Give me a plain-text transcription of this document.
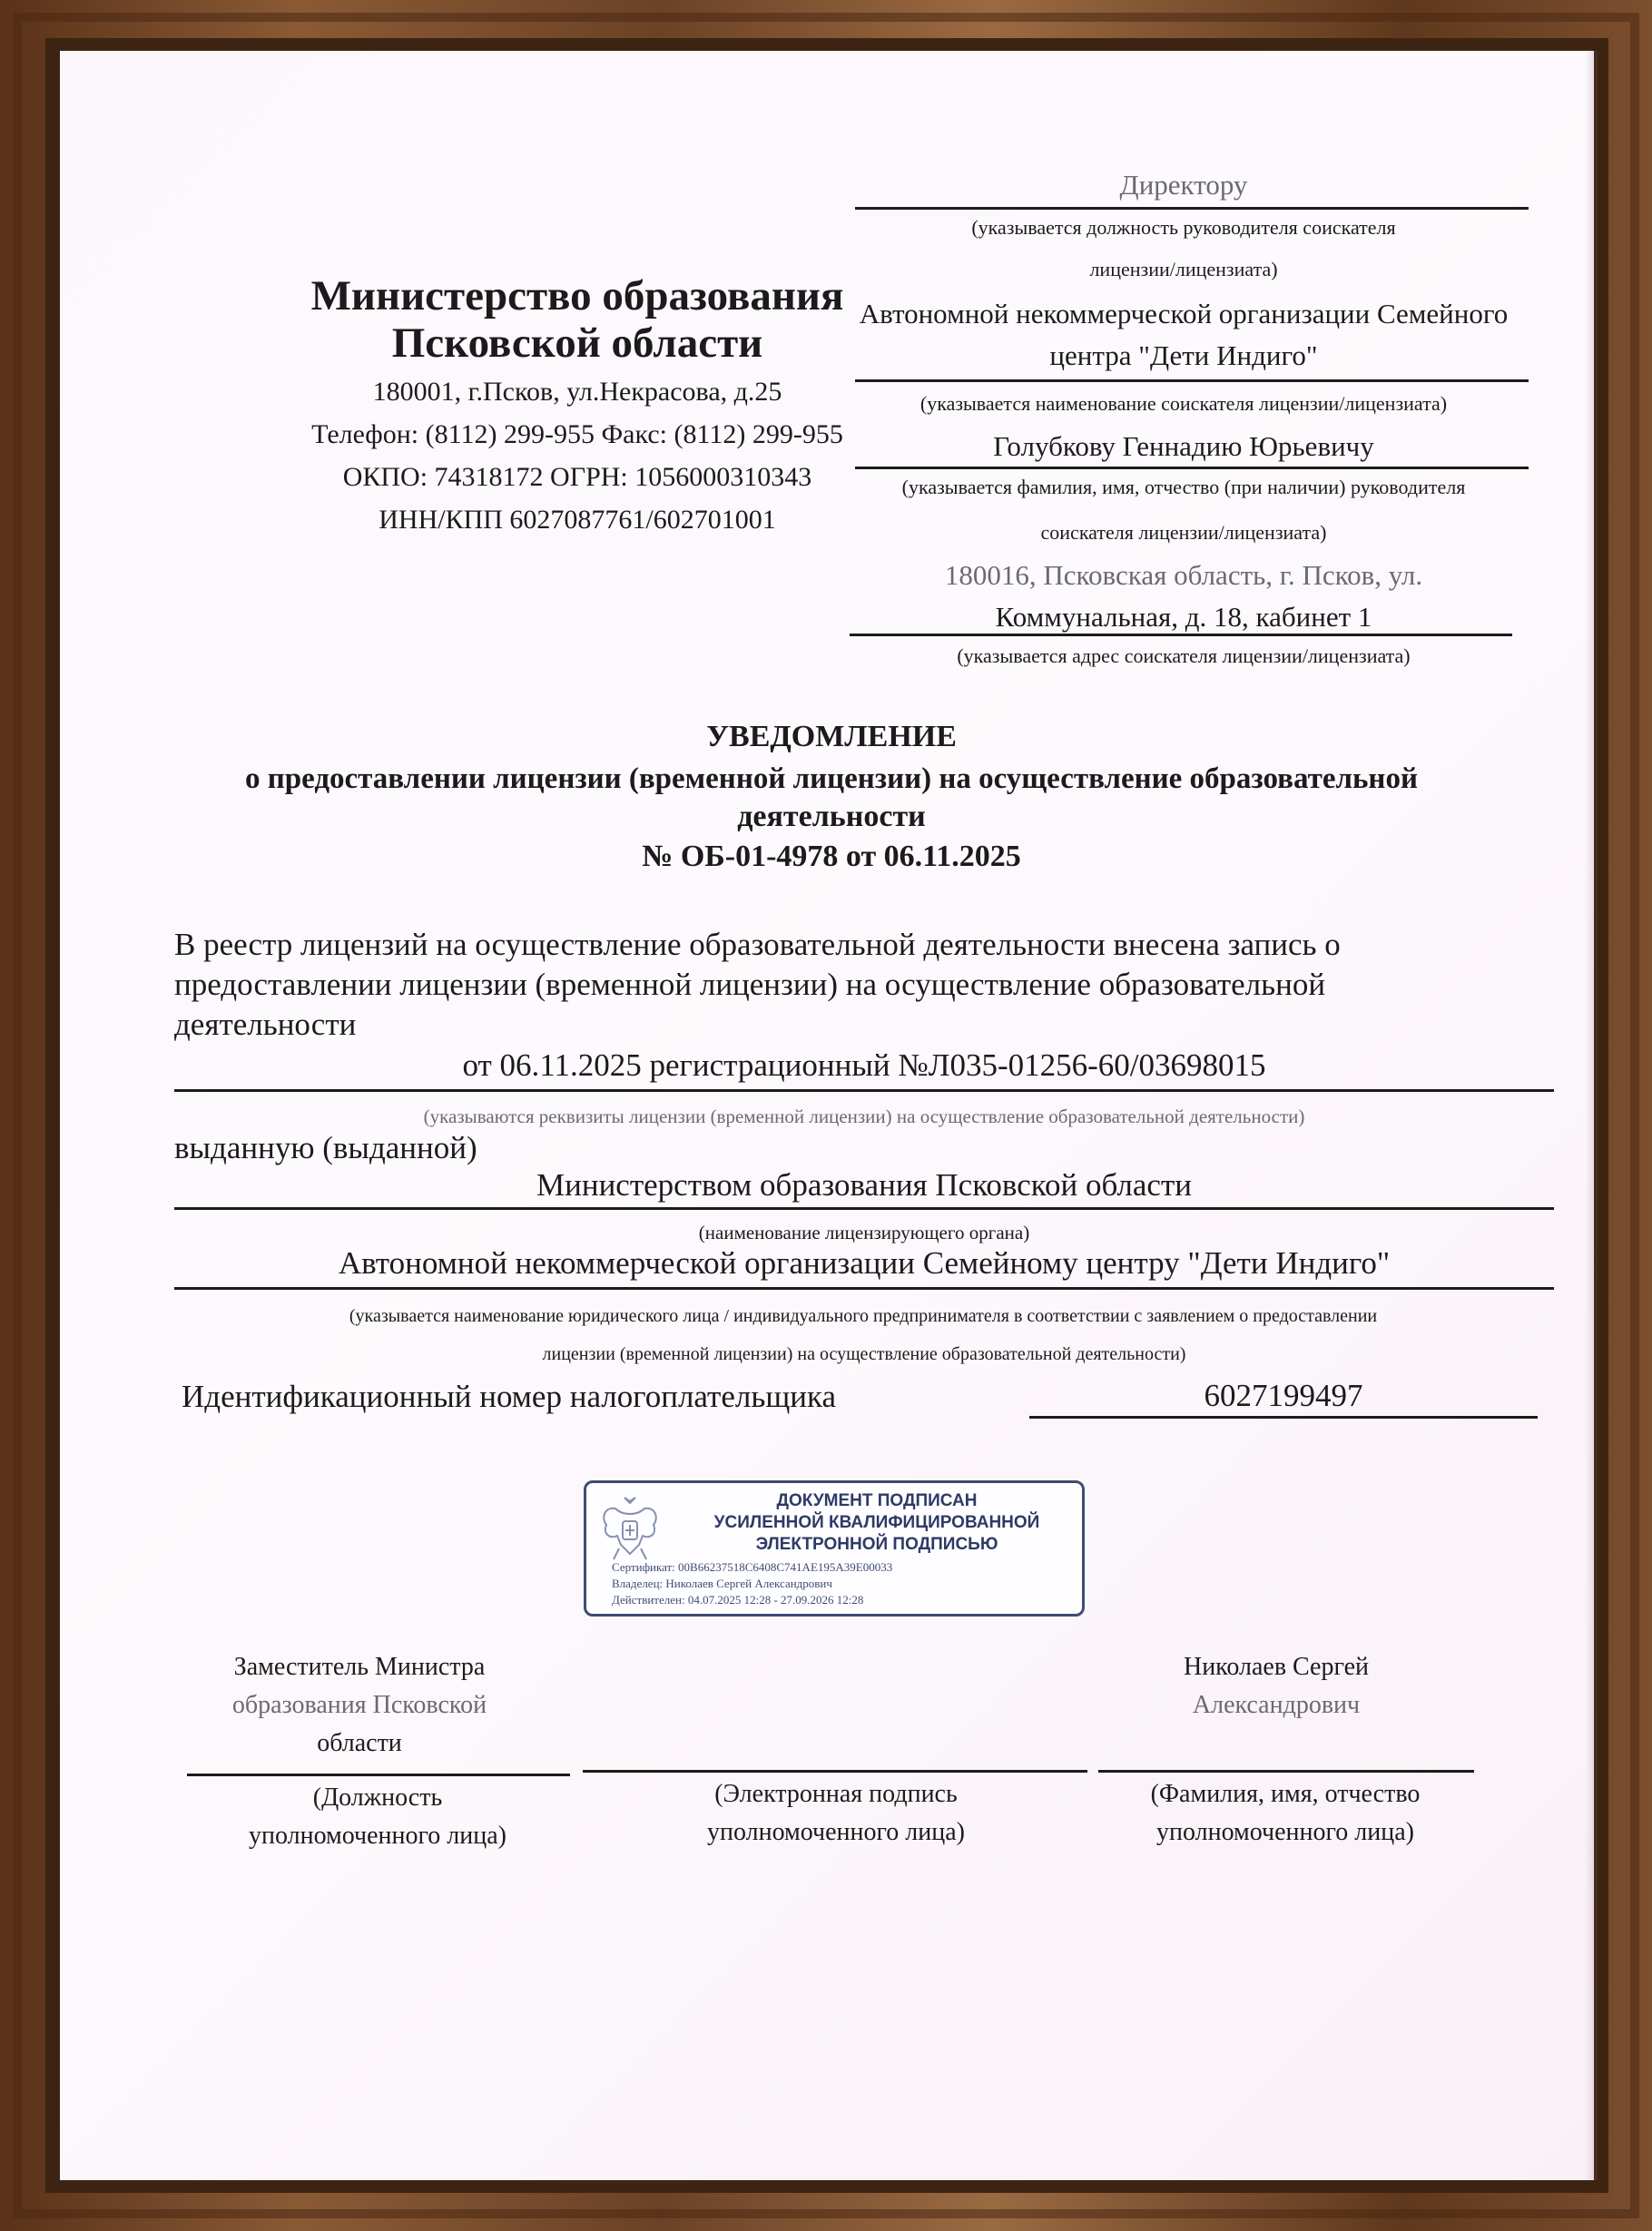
Министерство образования
Псковской области
180001, г.Псков, ул.Некрасова, д.25
Телефон: (8112) 299-955 Факс: (8112) 299-955
ОКПО: 74318172 ОГРН: 1056000310343
ИНН/КПП 6027087761/602701001
Директору
(указывается должность руководителя соискателя
лицензии/лицензиата)
Автономной некоммерческой организации Семейного
центра "Дети Индиго"
(указывается наименование соискателя лицензии/лицензиата)
Голубкову Геннадию Юрьевичу
(указывается фамилия, имя, отчество (при наличии) руководителя
соискателя лицензии/лицензиата)
180016, Псковская область, г. Псков, ул.
Коммунальная, д. 18, кабинет 1
(указывается адрес соискателя лицензии/лицензиата)
УВЕДОМЛЕНИЕ
о предоставлении лицензии (временной лицензии) на осуществление образовательной
деятельности
№ ОБ-01-4978 от 06.11.2025
В реестр лицензий на осуществление образовательной деятельности внесена запись о
предоставлении лицензии (временной лицензии) на осуществление образовательной
деятельности
от 06.11.2025 регистрационный №Л035-01256-60/03698015
(указываются реквизиты лицензии (временной лицензии) на осуществление образовательной деятельности)
выданную (выданной)
Министерством образования Псковской области
(наименование лицензирующего органа)
Автономной некоммерческой организации Семейному центру "Дети Индиго"
(указывается наименование юридического лица / индивидуального предпринимателя в соответствии с заявлением о предоставлении
лицензии (временной лицензии) на осуществление образовательной деятельности)
Идентификационный номер налогоплательщика	6027199497
ДОКУМЕНТ ПОДПИСАН
УСИЛЕННОЙ КВАЛИФИЦИРОВАННОЙ
ЭЛЕКТРОННОЙ ПОДПИСЬЮ
Сертификат: 00B66237518C6408C741AE195A39E00033
Владелец: Николаев Сергей Александрович
Действителен: 04.07.2025 12:28 - 27.09.2026 12:28
Заместитель Министра
образования Псковской
области
Николаев Сергей
Александрович
(Должность
уполномоченного лица)
(Электронная подпись
уполномоченного лица)
(Фамилия, имя, отчество
уполномоченного лица)
